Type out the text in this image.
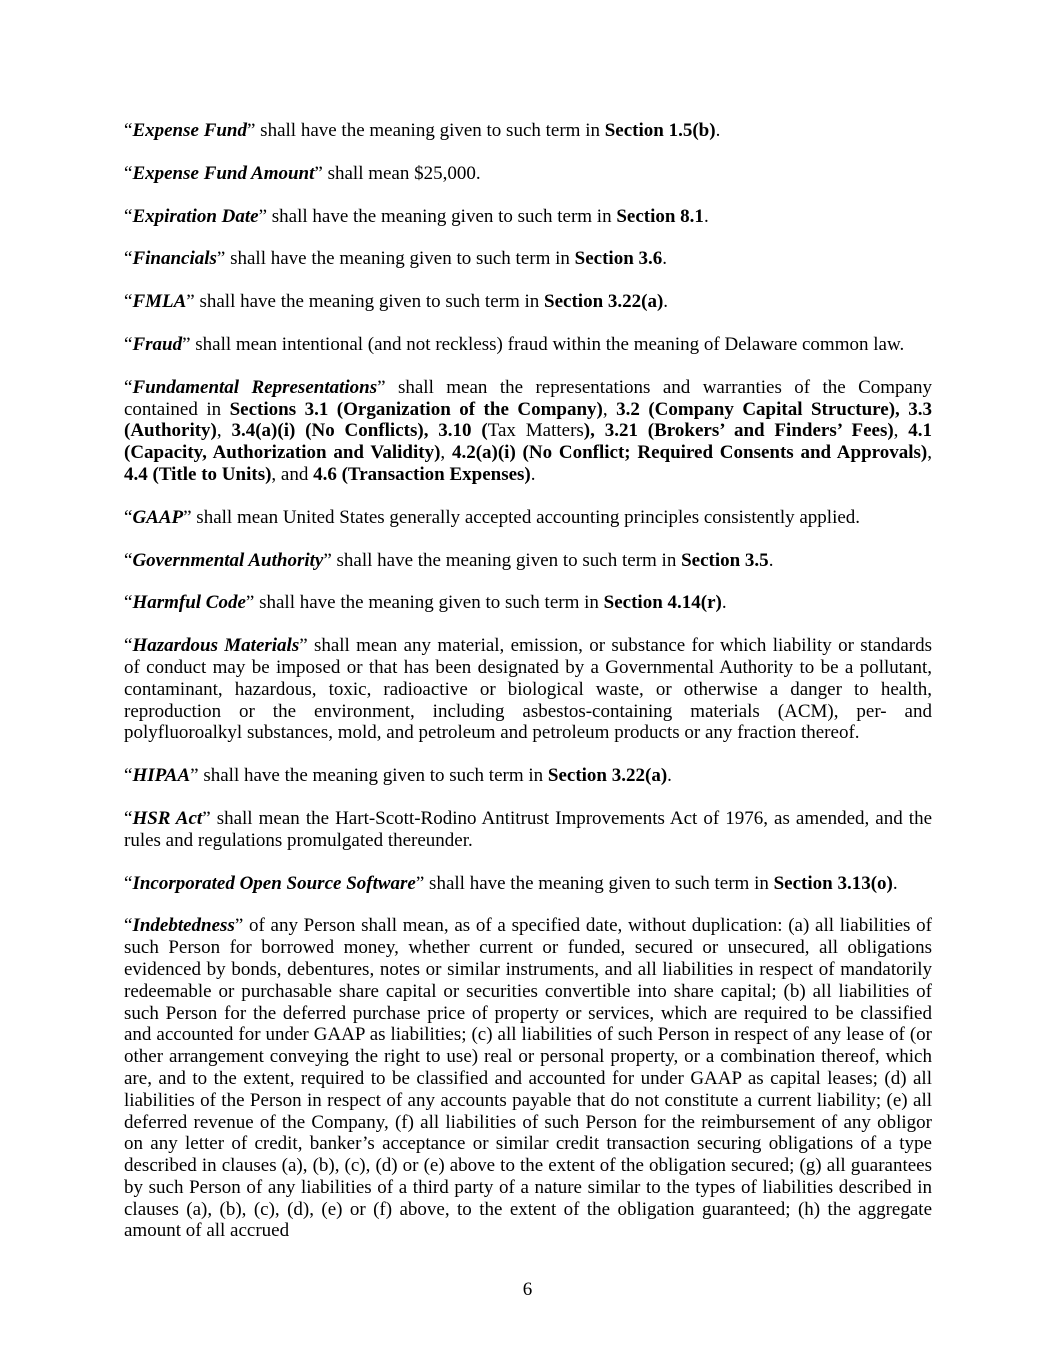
“Expense Fund” shall have the meaning given to such term in Section 1.5(b).

“Expense Fund Amount” shall mean $25,000.

“Expiration Date” shall have the meaning given to such term in Section 8.1.

“Financials” shall have the meaning given to such term in Section 3.6.

“FMLA” shall have the meaning given to such term in Section 3.22(a).

“Fraud” shall mean intentional (and not reckless) fraud within the meaning of Delaware common law.

“Fundamental Representations” shall mean the representations and warranties of the Company contained in Sections 3.1 (Organization of the Company), 3.2 (Company Capital Structure), 3.3 (Authority), 3.4(a)(i) (No Conflicts), 3.10 (Tax Matters), 3.21 (Brokers’ and Finders’ Fees), 4.1 (Capacity, Authorization and Validity), 4.2(a)(i) (No Conflict; Required Consents and Approvals), 4.4 (Title to Units), and 4.6 (Transaction Expenses).

“GAAP” shall mean United States generally accepted accounting principles consistently applied.

“Governmental Authority” shall have the meaning given to such term in Section 3.5.

“Harmful Code” shall have the meaning given to such term in Section 4.14(r).

“Hazardous Materials” shall mean any material, emission, or substance for which liability or standards of conduct may be imposed or that has been designated by a Governmental Authority to be a pollutant, contaminant, hazardous, toxic, radioactive or biological waste, or otherwise a danger to health, reproduction or the environment, including asbestos-containing materials (ACM), per- and polyfluoroalkyl substances, mold, and petroleum and petroleum products or any fraction thereof.

“HIPAA” shall have the meaning given to such term in Section 3.22(a).

“HSR Act” shall mean the Hart-Scott-Rodino Antitrust Improvements Act of 1976, as amended, and the rules and regulations promulgated thereunder.

“Incorporated Open Source Software” shall have the meaning given to such term in Section 3.13(o).

“Indebtedness” of any Person shall mean, as of a specified date, without duplication: (a) all liabilities of such Person for borrowed money, whether current or funded, secured or unsecured, all obligations evidenced by bonds, debentures, notes or similar instruments, and all liabilities in respect of mandatorily redeemable or purchasable share capital or securities convertible into share capital; (b) all liabilities of such Person for the deferred purchase price of property or services, which are required to be classified and accounted for under GAAP as liabilities; (c) all liabilities of such Person in respect of any lease of (or other arrangement conveying the right to use) real or personal property, or a combination thereof, which are, and to the extent, required to be classified and accounted for under GAAP as capital leases; (d) all liabilities of the Person in respect of any accounts payable that do not constitute a current liability; (e) all deferred revenue of the Company, (f) all liabilities of such Person for the reimbursement of any obligor on any letter of credit, banker’s acceptance or similar credit transaction securing obligations of a type described in clauses (a), (b), (c), (d) or (e) above to the extent of the obligation secured; (g) all guarantees by such Person of any liabilities of a third party of a nature similar to the types of liabilities described in clauses (a), (b), (c), (d), (e) or (f) above, to the extent of the obligation guaranteed; (h) the aggregate amount of all accrued

6
